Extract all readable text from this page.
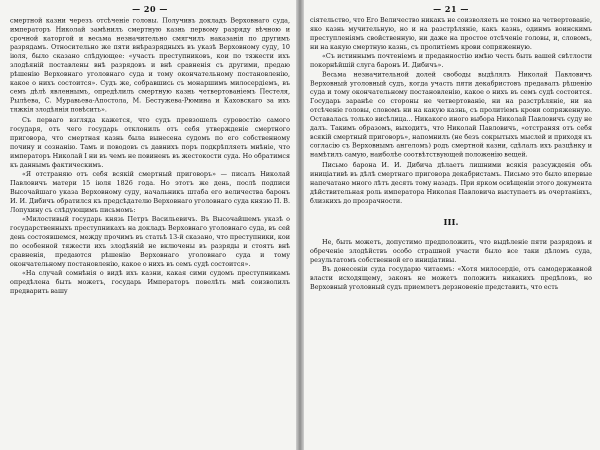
— 20 —

смертной казни черезъ отсѣченіе головы. Получивъ докладъ Верховнаго суда, императоръ Николай замѣнилъ смертную казнь первому разряду вѣчною и срочной каторгой и весьма незначительно смягчилъ наказанія по другимъ разрядамъ. Относительно же пяти внѣразрядныхъ въ указѣ Верховному суду, 10 іюля, было сказано слѣдующее: «участь преступниковъ, кои по тяжести ихъ злодѣяній поставлены внѣ разрядовъ и внѣ сравненія съ другими, предаю рѣшенію Верховнаго уголовнаго суда и тому окончательному постановленію, какое о нихъ состоится». Судъ же, собравшись съ монаршимъ милосердіемъ, въ семъ дѣлѣ явленнымъ, опредѣлилъ смертную казнь четвертованіемъ Пестеля, Рылѣева, С. Муравьева-Апостола, М. Бестужева-Рюмина и Каховскаго за ихъ тяжкія злодѣянія повѣсить».

Съ перваго взгляда кажется, что судъ превзошелъ суровостію самого государя, отъ чего государь отклонилъ отъ себя утвержденіе смертного приговора, что смертная казнь была вынесена судомъ по его собственному почину и сознанію. Тамъ и поводовъ съ давнихъ поръ подкрѣпляеть мнѣніе, что императоръ Николай I ни въ чемъ не повиненъ въ жестокости суда. Но обратимся къ даннымъ фактическимъ.

«Я отстраняю отъ себя всякій смертный приговоръ» — писалъ Николай Павловичъ матери 15 іюля 1826 года. Но этотъ же день, послѣ подписи Высочайшаго указа Верховному суду, начальникъ штаба его величества баронъ И. И. Дибичъ обратился къ предсѣдателю Верховнаго уголовнаго суда князю П. В. Лопухину съ слѣдующимъ письмомъ:

«Милостивый государь князь Петръ Васильевичъ. Въ Высочайшемъ указѣ о государственныхъ преступникахъ на докладъ Верховнаго уголовнаго суда, въ сей день состоявшемся, между прочимъ въ статьѣ 13-й сказано, что преступники, кои по особенной тяжести ихъ злодѣяній не включены въ разряды и стоятъ внѣ сравненія, предаются рѣшенію Верховнаго уголовнаго суда и тому окончательному постановленію, какое о нихъ въ семъ судѣ состоится».

«На случай сомнѣнія о видѣ ихъ казни, какая сими судомъ преступникамъ опредѣлена быть можетъ, государь Императоръ повелѣть мнѣ соизволилъ предварить вашу

— 21 —

сіятельство, что Его Величество никакъ не соизволяеть не токмо на четвертованіе, яко казнь мучительную, но и на разстрѣляніе, какъ казнь, одинмъ воинскимъ преступленіямъ свойственную, ни даже на простое отсѣченіе головы, и, словомъ, ни на какую смертную казнь, съ пролитіемъ крови сопряженную.

«Съ истиннымъ почтеніемъ и преданностію имѣю честь быть вашей свѣтлости покорнѣйшій слуга баронъ И. Дибичъ».

Весьма незначительной долей свободы выдѣлялъ Николай Павловичъ Верховный уголовный судъ, когда участь пяти декабристовъ предавалъ рѣшенію суда и тому окончательному постановленію, какое о нихъ въ семъ судѣ состоится. Государь заранѣе со стороны не четвертованіе, ни на разстрѣляніе, ни на отсѣченіе головы, словомъ ни на какую казнь, съ пролитіемъ крови сопряженную. Оставалась только висѣлица... Никакого иного выбора Николай Павловичъ суду не далъ. Такимъ образомъ, выходитъ, что Николай Павловичъ, «отстраняя отъ себя всякій смертный приговоръ», напомнилъ (не безъ сокрытыхъ мыслей и приходя къ согласію съ Верховнымъ ангеломъ) родъ смертной казни, сдѣлалъ ихъ разцѣнку и намѣтилъ самую, наиболѣе соотвѣтствующей положенію вещей.

Письмо барона И. И. Дибича дѣлаетъ лишними всякія разсужденія объ иниціативѣ въ дѣлѣ смертнаго приговора декабристамъ. Письмо это было впервые напечатано много лѣтъ десять тому назадъ. При ярком освѣщеніи этого документа дѣйствительная роль императора Николая Павловича выступаетъ въ очертаніяхъ, близкихъ до прозрачности.

III.

Не, быть можетъ, допустимо предположить, что выдѣленіе пяти разрядовъ и обреченіе злодѣйствъ особо страшной участи было все таки дѣломъ суда, результатомъ собственной его иниціативы.

Въ донесеніи суда государю читаемъ: «Хотя милосердіе, отъ самодержавной власти исходящему, законъ не можетъ положить никакихъ предѣловъ, но Верховный уголовный судъ приемлетъ дерзновеніе представить, что есть
